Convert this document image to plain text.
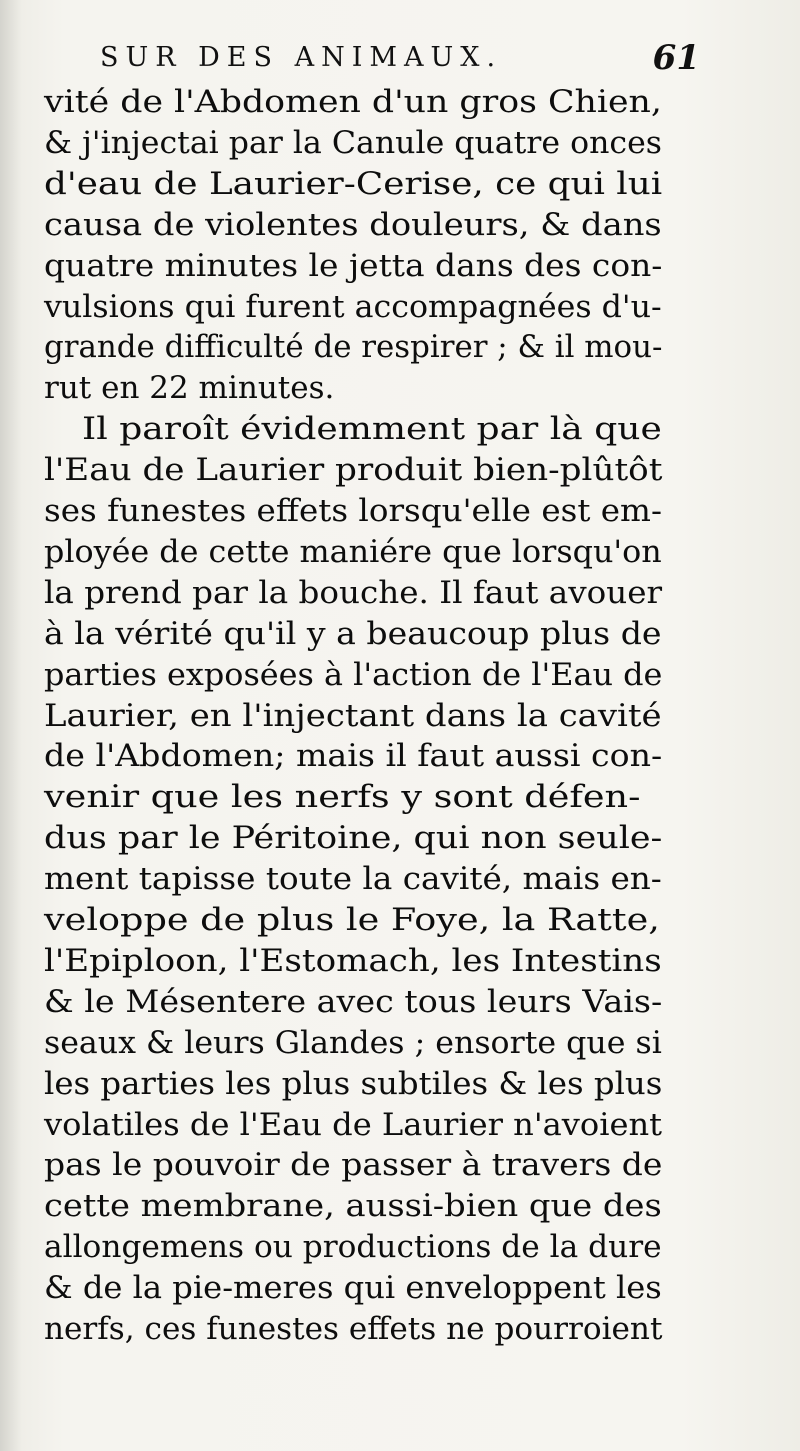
SUR DES ANIMAUX.	61
vité de l'Abdomen d'un gros Chien,
& j'injectai par la Canule quatre onces
d'eau de Laurier-Cerise, ce qui lui
causa de violentes douleurs, & dans
quatre minutes le jetta dans des con-
vulsions qui furent accompagnées d'u-
grande difficulté de respirer ; & il mou-
rut en 22 minutes.
Il paroît évidemment par là que
l'Eau de Laurier produit bien-plûtôt
ses funestes effets lorsqu'elle est em-
ployée de cette maniére que lorsqu'on
la prend par la bouche. Il faut avouer
à la vérité qu'il y a beaucoup plus de
parties exposées à l'action de l'Eau de
Laurier, en l'injectant dans la cavité
de l'Abdomen; mais il faut aussi con-
venir que les nerfs y sont défen-
dus par le Péritoine, qui non seule-
ment tapisse toute la cavité, mais en-
veloppe de plus le Foye, la Ratte,
l'Epiploon, l'Estomach, les Intestins
& le Mésentere avec tous leurs Vais-
seaux & leurs Glandes ; ensorte que si
les parties les plus subtiles & les plus
volatiles de l'Eau de Laurier n'avoient
pas le pouvoir de passer à travers de
cette membrane, aussi-bien que des
allongemens ou productions de la dure
& de la pie-meres qui enveloppent les
nerfs, ces funestes effets ne pourroient
